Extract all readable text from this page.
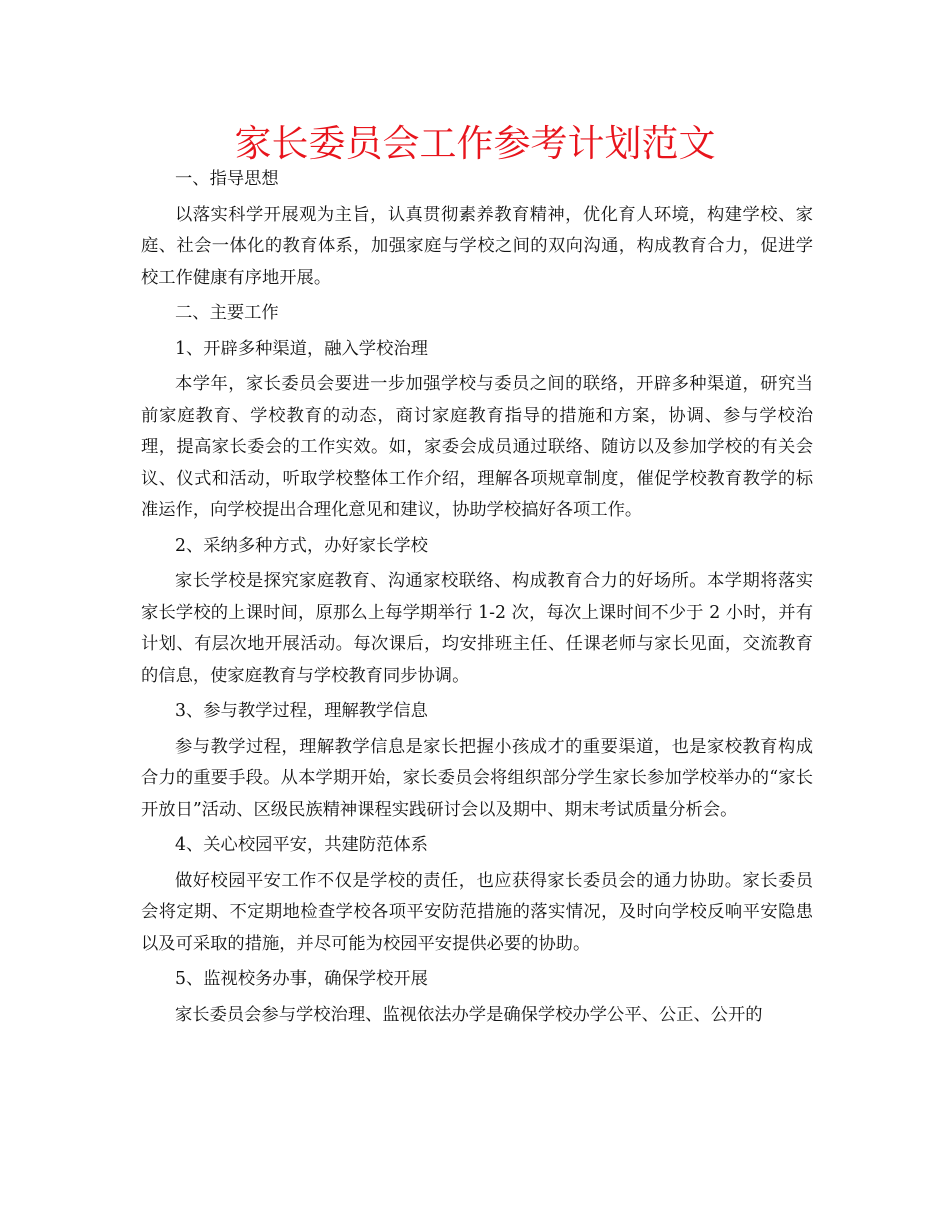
家长委员会工作参考计划范文

一、指导思想

以落实科学开展观为主旨，认真贯彻素养教育精神，优化育人环境，构建学校、家庭、社会一体化的教育体系，加强家庭与学校之间的双向沟通，构成教育合力，促进学校工作健康有序地开展。

二、主要工作

1、开辟多种渠道，融入学校治理

本学年，家长委员会要进一步加强学校与委员之间的联络，开辟多种渠道，研究当前家庭教育、学校教育的动态，商讨家庭教育指导的措施和方案，协调、参与学校治理，提高家长委会的工作实效。如，家委会成员通过联络、随访以及参加学校的有关会议、仪式和活动，听取学校整体工作介绍，理解各项规章制度，催促学校教育教学的标准运作，向学校提出合理化意见和建议，协助学校搞好各项工作。

2、采纳多种方式，办好家长学校

家长学校是探究家庭教育、沟通家校联络、构成教育合力的好场所。本学期将落实家长学校的上课时间，原那么上每学期举行 1-2 次，每次上课时间不少于 2 小时，并有计划、有层次地开展活动。每次课后，均安排班主任、任课老师与家长见面，交流教育的信息，使家庭教育与学校教育同步协调。

3、参与教学过程，理解教学信息

参与教学过程，理解教学信息是家长把握小孩成才的重要渠道，也是家校教育构成合力的重要手段。从本学期开始，家长委员会将组织部分学生家长参加学校举办的“家长开放日”活动、区级民族精神课程实践研讨会以及期中、期末考试质量分析会。

4、关心校园平安，共建防范体系

做好校园平安工作不仅是学校的责任，也应获得家长委员会的通力协助。家长委员会将定期、不定期地检查学校各项平安防范措施的落实情况，及时向学校反响平安隐患以及可采取的措施，并尽可能为校园平安提供必要的协助。

5、监视校务办事，确保学校开展

家长委员会参与学校治理、监视依法办学是确保学校办学公平、公正、公开的
